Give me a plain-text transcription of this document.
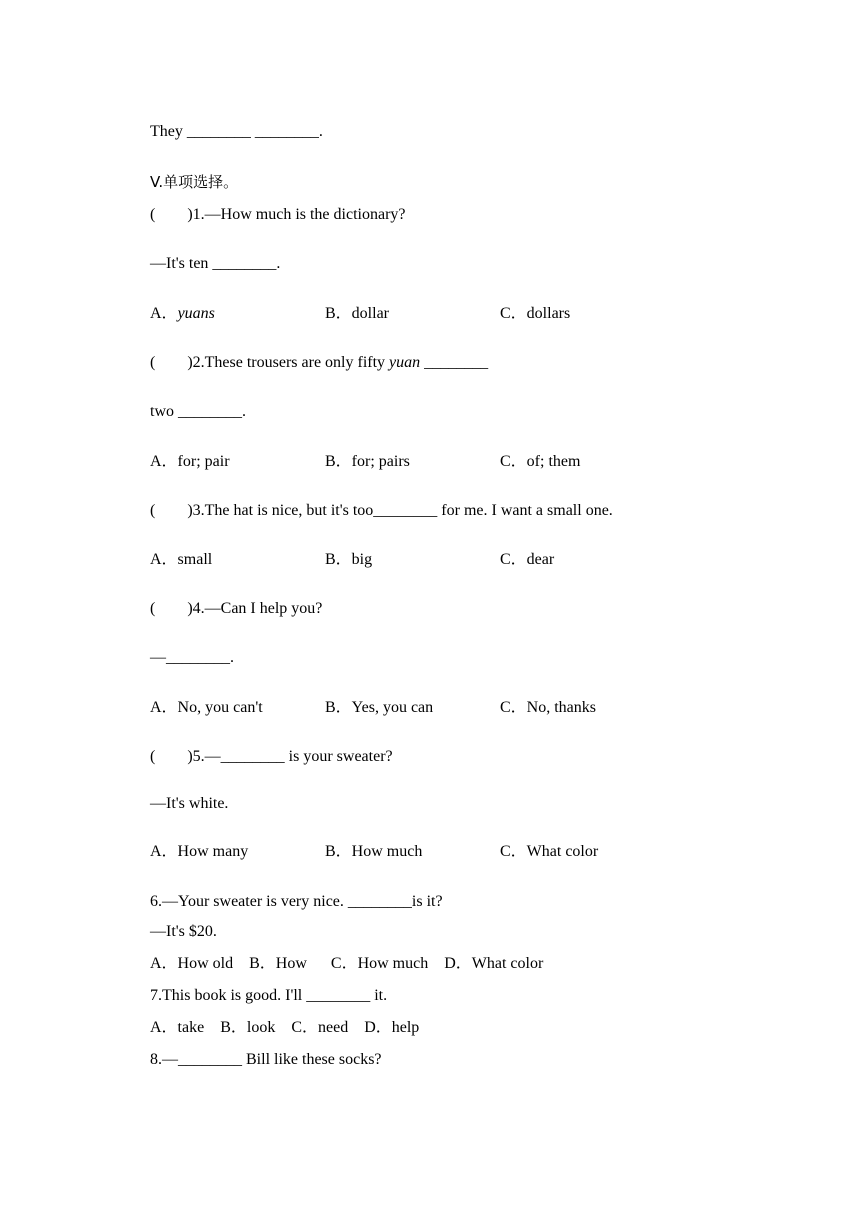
They ________ ________.
V.单项选择。
(        )1.—How much is the dictionary?
—It's ten ________.
A．yuans	B．dollar	C．dollars
(        )2.These trousers are only fifty yuan ________
two ________.
A．for; pair	B．for; pairs	C．of; them
(        )3.The hat is nice, but it's too________ for me. I want a small one.
A．small	B．big	C．dear
(        )4.—Can I help you?
—________.
A．No, you can't	B．Yes, you can	C．No, thanks
(        )5.—________ is your sweater?
—It's white.
A．How many	B．How much	C．What color
6.—Your sweater is very nice. ________is it?
—It's $20.
A．How old    B．How      C．How much    D．What color
7.This book is good. I'll ________ it.
A．take    B．look    C．need    D．help
8.—________ Bill like these socks?
